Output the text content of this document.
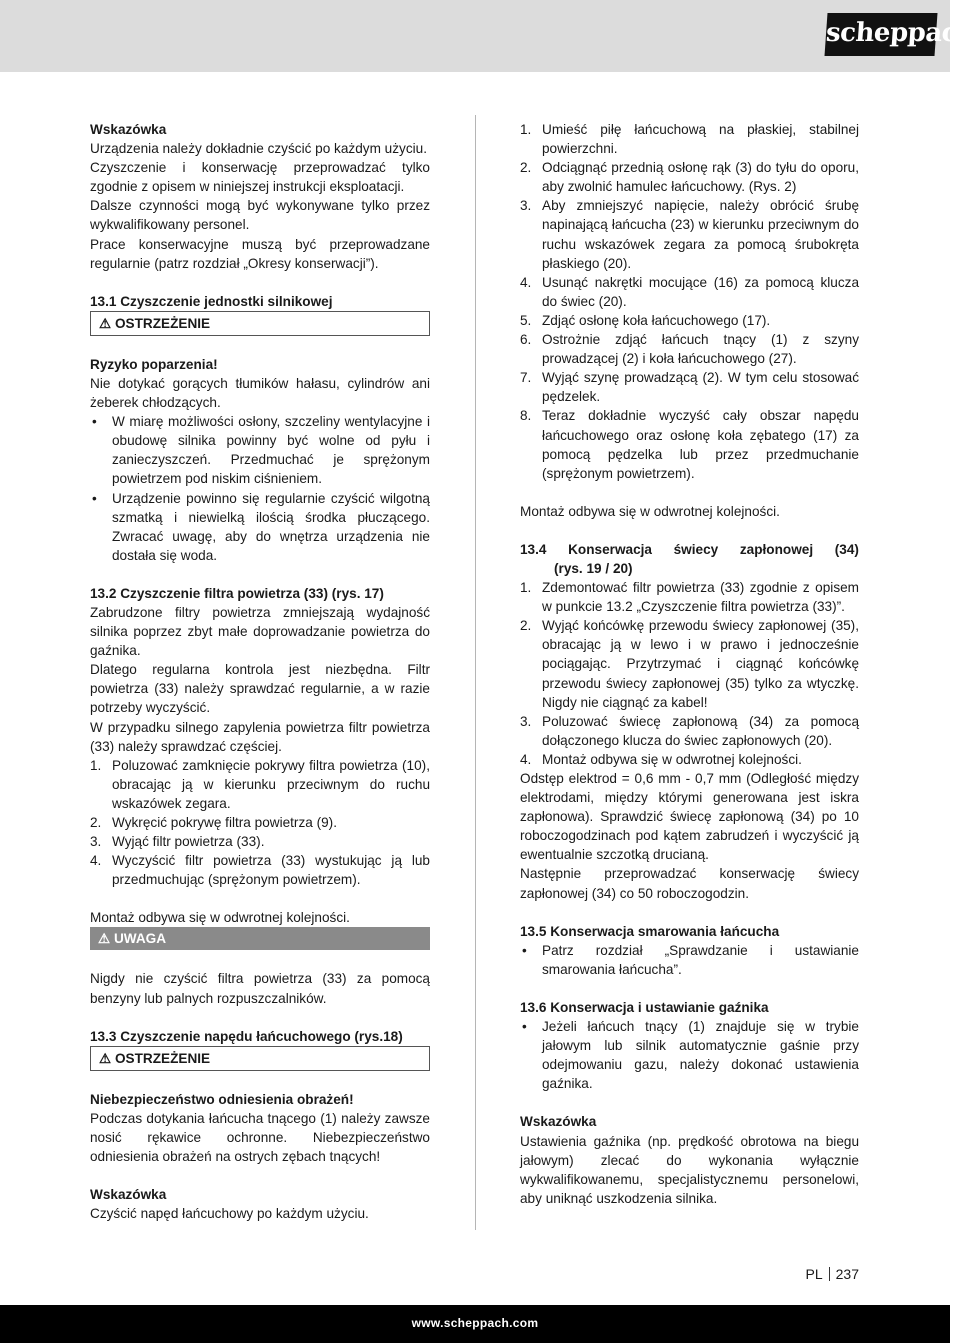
scheppach

Wskazówka

Urządzenia należy dokładnie czyścić po każdym użyciu.

Czyszczenie i konserwację przeprowadzać tylko zgodnie z opisem w niniejszej instrukcji eksploatacji.

Dalsze czynności mogą być wykonywane tylko przez wykwalifikowany personel.

Prace konserwacyjne muszą być przeprowadzane regularnie (patrz rozdział „Okresy konserwacji”).

13.1 Czyszczenie jednostki silnikowej

⚠ OSTRZEŻENIE

Ryzyko poparzenia!

Nie dotykać gorących tłumików hałasu, cylindrów ani żeberek chłodzących.

• W miarę możliwości osłony, szczeliny wentylacyjne i obudowę silnika powinny być wolne od pyłu i zanieczyszczeń. Przedmuchać je sprężonym powietrzem pod niskim ciśnieniem.
• Urządzenie powinno się regularnie czyścić wilgotną szmatką i niewielką ilością środka płuczącego. Zwracać uwagę, aby do wnętrza urządzenia nie dostała się woda.

13.2 Czyszczenie filtra powietrza (33) (rys. 17)

Zabrudzone filtry powietrza zmniejszają wydajność silnika poprzez zbyt małe doprowadzanie powietrza do gaźnika.

Dlatego regularna kontrola jest niezbędna. Filtr powietrza (33) należy sprawdzać regularnie, a w razie potrzeby wyczyścić.

W przypadku silnego zapylenia powietrza filtr powietrza (33) należy sprawdzać częściej.

1. Poluzować zamknięcie pokrywy filtra powietrza (10), obracając ją w kierunku przeciwnym do ruchu wskazówek zegara.
2. Wykręcić pokrywę filtra powietrza (9).
3. Wyjąć filtr powietrza (33).
4. Wyczyścić filtr powietrza (33) wystukując ją lub przedmuchując (sprężonym powietrzem).

Montaż odbywa się w odwrotnej kolejności.

⚠ UWAGA

Nigdy nie czyścić filtra powietrza (33) za pomocą benzyny lub palnych rozpuszczalników.

13.3 Czyszczenie napędu łańcuchowego (rys.18)

⚠ OSTRZEŻENIE

Niebezpieczeństwo odniesienia obrażeń!

Podczas dotykania łańcucha tnącego (1) należy zawsze nosić rękawice ochronne. Niebezpieczeństwo odniesienia obrażeń na ostrych zębach tnących!

Wskazówka

Czyścić napęd łańcuchowy po każdym użyciu.

1. Umieść piłę łańcuchową na płaskiej, stabilnej powierzchni.
2. Odciągnąć przednią osłonę rąk (3) do tyłu do oporu, aby zwolnić hamulec łańcuchowy. (Rys. 2)
3. Aby zmniejszyć napięcie, należy obrócić śrubę napinającą łańcucha (23) w kierunku przeciwnym do ruchu wskazówek zegara za pomocą śrubokręta płaskiego (20).
4. Usunąć nakrętki mocujące (16) za pomocą klucza do świec (20).
5. Zdjąć osłonę koła łańcuchowego (17).
6. Ostrożnie zdjąć łańcuch tnący (1) z szyny prowadzącej (2) i koła łańcuchowego (27).
7. Wyjąć szynę prowadzącą (2). W tym celu stosować pędzelek.
8. Teraz dokładnie wyczyść cały obszar napędu łańcuchowego oraz osłonę koła zębatego (17) za pomocą pędzelka lub przez przedmuchanie (sprężonym powietrzem).

Montaż odbywa się w odwrotnej kolejności.

13.4 Konserwacja świecy zapłonowej (34)

(rys. 19 / 20)

1. Zdemontować filtr powietrza (33) zgodnie z opisem w punkcie 13.2 „Czyszczenie filtra powietrza (33)”.
2. Wyjąć końcówkę przewodu świecy zapłonowej (35), obracając ją w lewo i w prawo i jednocześnie pociągając. Przytrzymać i ciągnąć końcówkę przewodu świecy zapłonowej (35) tylko za wtyczkę. Nigdy nie ciągnąć za kabel!
3. Poluzować świecę zapłonową (34) za pomocą dołączonego klucza do świec zapłonowych (20).
4. Montaż odbywa się w odwrotnej kolejności.

Odstęp elektrod = 0,6 mm - 0,7 mm (Odległość między elektrodami, między którymi generowana jest iskra zapłonowa). Sprawdzić świecę zapłonową (34) po 10 roboczogodzinach pod kątem zabrudzeń i wyczyścić ją ewentualnie szczotką drucianą.

Następnie przeprowadzać konserwację świecy zapłonowej (34) co 50 roboczogodzin.

13.5 Konserwacja smarowania łańcucha

• Patrz rozdział „Sprawdzanie i ustawianie smarowania łańcucha”.

13.6 Konserwacja i ustawianie gaźnika

• Jeżeli łańcuch tnący (1) znajduje się w trybie jałowym lub silnik automatycznie gaśnie przy odejmowaniu gazu, należy dokonać ustawienia gaźnika.

Wskazówka

Ustawienia gaźnika (np. prędkość obrotowa na biegu jałowym) zlecać do wykonania wyłącznie wykwalifikowanemu, specjalistycznemu personelowi, aby uniknąć uszkodzenia silnika.

PL 237
www.scheppach.com
